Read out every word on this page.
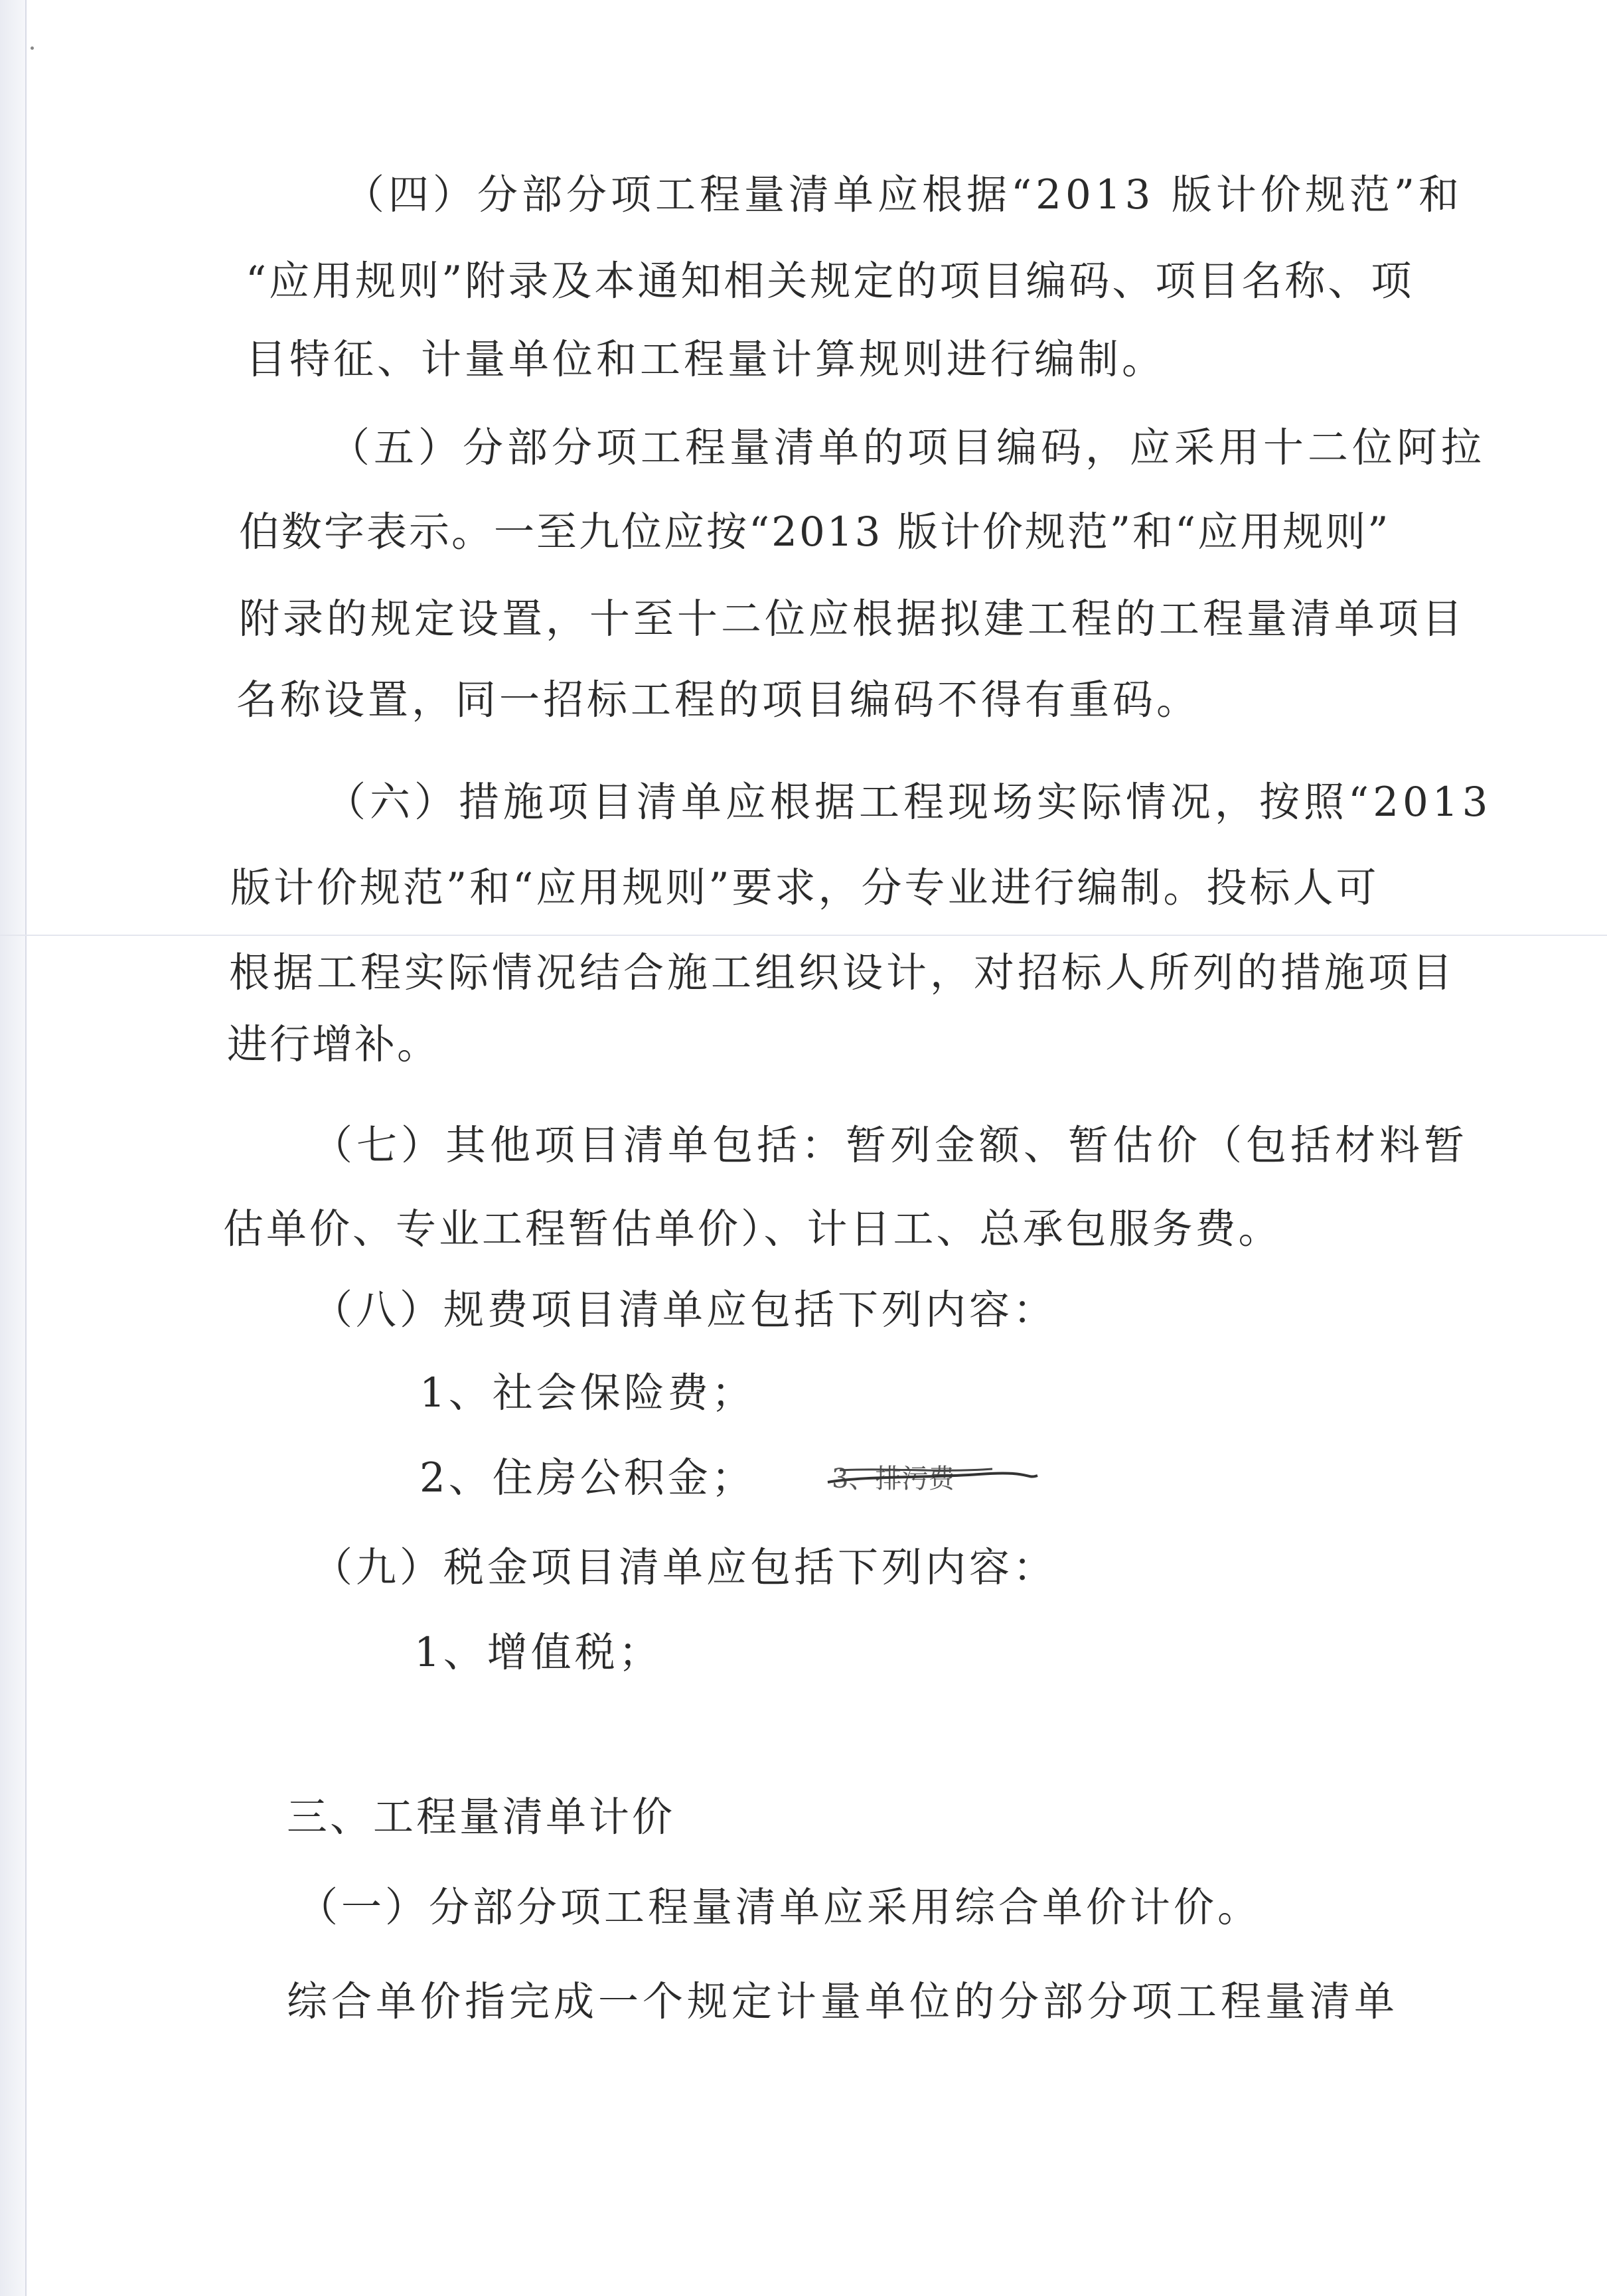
（四）分部分项工程量清单应根据“2013 版计价规范”和
“应用规则”附录及本通知相关规定的项目编码、项目名称、项
目特征、计量单位和工程量计算规则进行编制。
（五）分部分项工程量清单的项目编码，应采用十二位阿拉
伯数字表示。一至九位应按“2013 版计价规范”和“应用规则”
附录的规定设置，十至十二位应根据拟建工程的工程量清单项目
名称设置，同一招标工程的项目编码不得有重码。
（六）措施项目清单应根据工程现场实际情况，按照“2013
版计价规范”和“应用规则”要求，分专业进行编制。投标人可
根据工程实际情况结合施工组织设计，对招标人所列的措施项目
进行增补。
（七）其他项目清单包括：暂列金额、暂估价（包括材料暂
估单价、专业工程暂估单价）、计日工、总承包服务费。
（八）规费项目清单应包括下列内容：
1、社会保险费；
2、住房公积金；	3、排污费
（九）税金项目清单应包括下列内容：
1、增值税；
三、工程量清单计价
（一）分部分项工程量清单应采用综合单价计价。
综合单价指完成一个规定计量单位的分部分项工程量清单
